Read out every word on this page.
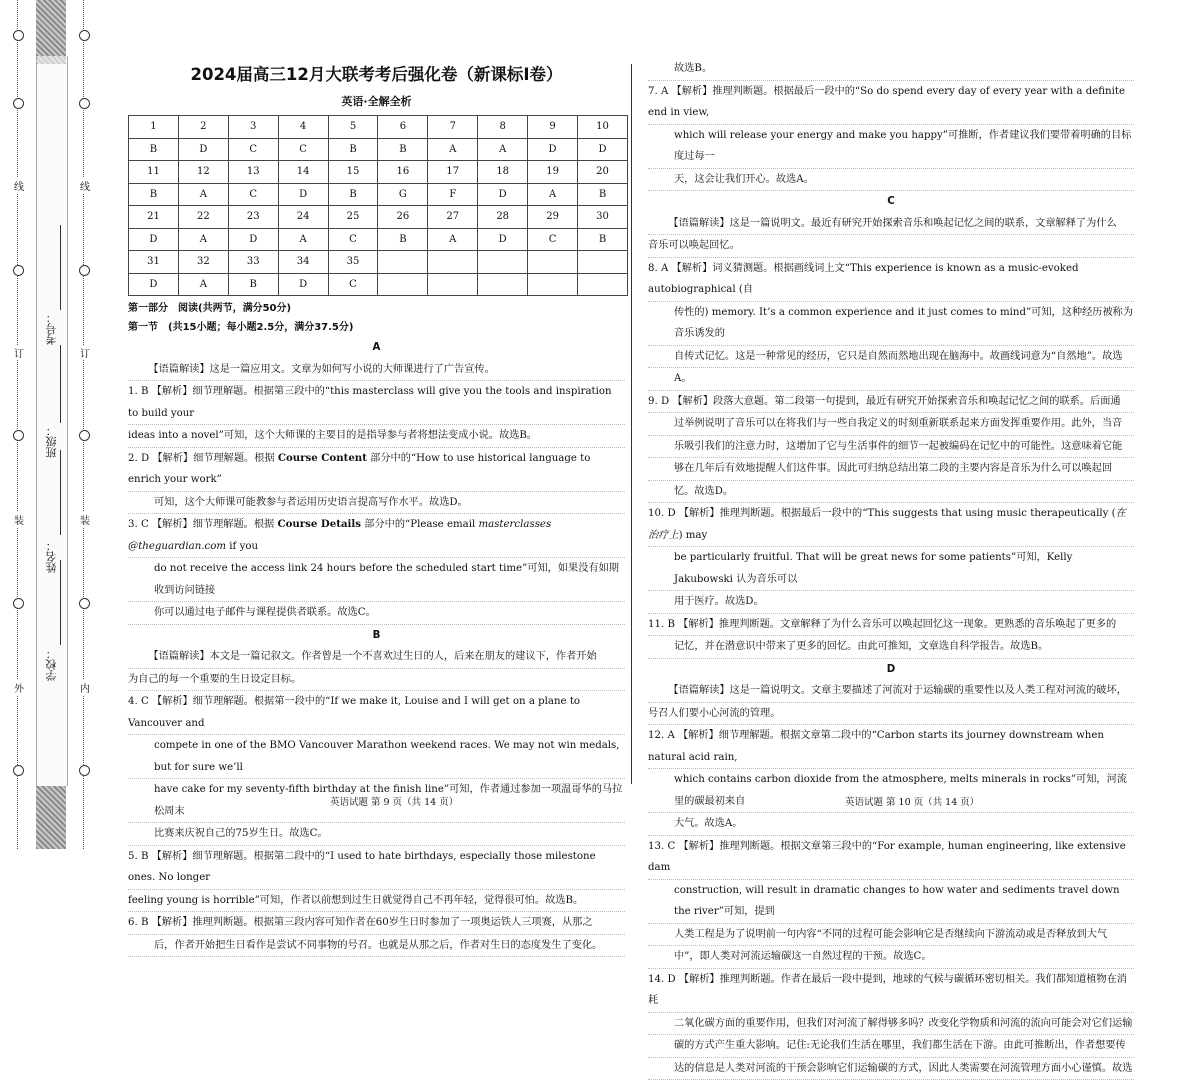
线
订
装
外
学校：
姓名：
班级：
考号：
线
订
装
内
2024届高三12月大联考考后强化卷（新课标I卷）
英语·全解全析
1	2	3	4	5	6	7	8	9	10
B	D	C	C	B	B	A	A	D	D
11	12	13	14	15	16	17	18	19	20
B	A	C	D	B	G	F	D	A	B
21	22	23	24	25	26	27	28	29	30
D	A	D	A	C	B	A	D	C	B
31	32	33	34	35					
D	A	B	D	C					

第一部分　阅读(共两节，满分50分)

第一节　(共15小题；每小题2.5分，满分37.5分)

A

【语篇解读】这是一篇应用文。文章为如何写小说的大师课进行了广告宣传。

1. B 【解析】细节理解题。根据第三段中的“this masterclass will give you the tools and inspiration to build your

ideas into a novel”可知，这个大师课的主要目的是指导参与者将想法变成小说。故选B。

2. D 【解析】细节理解题。根据 Course Content 部分中的“How to use historical language to enrich your work”

可知，这个大师课可能教参与者运用历史语言提高写作水平。故选D。

3. C 【解析】细节理解题。根据 Course Details 部分中的“Please email masterclasses @theguardian.com if you

do not receive the access link 24 hours before the scheduled start time”可知，如果没有如期收到访问链接

你可以通过电子邮件与课程提供者联系。故选C。

B

【语篇解读】本文是一篇记叙文。作者曾是一个不喜欢过生日的人，后来在朋友的建议下，作者开始

为自己的每一个重要的生日设定目标。

4. C 【解析】细节理解题。根据第一段中的“If we make it, Louise and I will get on a plane to Vancouver and

compete in one of the BMO Vancouver Marathon weekend races. We may not win medals, but for sure we’ll

have cake for my seventy-fifth birthday at the finish line”可知，作者通过参加一项温哥华的马拉松周末

比赛来庆祝自己的75岁生日。故选C。

5. B 【解析】细节理解题。根据第二段中的“I used to hate birthdays, especially those milestone ones. No longer

feeling young is horrible”可知，作者以前想到过生日就觉得自己不再年轻，觉得很可怕。故选B。

6. B 【解析】推理判断题。根据第三段内容可知作者在60岁生日时参加了一项奥运铁人三项赛，从那之

后，作者开始把生日看作是尝试不同事物的号召。也就是从那之后，作者对生日的态度发生了变化。

故选B。

7. A 【解析】推理判断题。根据最后一段中的“So do spend every day of every year with a definite end in view,

which will release your energy and make you happy”可推断，作者建议我们要带着明确的目标度过每一

天，这会让我们开心。故选A。

C

【语篇解读】这是一篇说明文。最近有研究开始探索音乐和唤起记忆之间的联系，文章解释了为什么

音乐可以唤起回忆。

8. A 【解析】词义猜测题。根据画线词上文“This experience is known as a music-evoked autobiographical (自

传性的) memory. It’s a common experience and it just comes to mind”可知，这种经历被称为音乐诱发的

自传式记忆。这是一种常见的经历，它只是自然而然地出现在脑海中。故画线词意为“自然地”。故选

A。

9. D 【解析】段落大意题。第二段第一句提到，最近有研究开始探索音乐和唤起记忆之间的联系。后面通

过举例说明了音乐可以在将我们与一些自我定义的时刻重新联系起来方面发挥重要作用。此外，当音

乐吸引我们的注意力时，这增加了它与生活事件的细节一起被编码在记忆中的可能性。这意味着它能

够在几年后有效地提醒人们这件事。因此可归纳总结出第二段的主要内容是音乐为什么可以唤起回

忆。故选D。

10. D 【解析】推理判断题。根据最后一段中的“This suggests that using music therapeutically (在治疗上) may

be particularly fruitful. That will be great news for some patients”可知，Kelly Jakubowski 认为音乐可以

用于医疗。故选D。

11. B 【解析】推理判断题。文章解释了为什么音乐可以唤起回忆这一现象。更熟悉的音乐唤起了更多的

记忆，并在潜意识中带来了更多的回忆。由此可推知，文章选自科学报告。故选B。

D

【语篇解读】这是一篇说明文。文章主要描述了河流对于运输碳的重要性以及人类工程对河流的破坏，

号召人们要小心河流的管理。

12. A 【解析】细节理解题。根据文章第二段中的“Carbon starts its journey downstream when natural acid rain,

which contains carbon dioxide from the atmosphere, melts minerals in rocks”可知，河流里的碳最初来自

大气。故选A。

13. C 【解析】推理判断题。根据文章第三段中的“For example, human engineering, like extensive dam

construction, will result in dramatic changes to how water and sediments travel down the river”可知，提到

人类工程是为了说明前一句内容“不同的过程可能会影响它是否继续向下游流动或是否释放到大气

中”，即人类对河流运输碳这一自然过程的干预。故选C。

14. D 【解析】推理判断题。作者在最后一段中提到，地球的气候与碳循环密切相关。我们都知道植物在消耗

二氧化碳方面的重要作用，但我们对河流了解得够多吗？改变化学物质和河流的流向可能会对它们运输

碳的方式产生重大影响。记住:无论我们生活在哪里，我们都生活在下游。由此可推断出，作者想要传

达的信息是人类对河流的干预会影响它们运输碳的方式，因此人类需要在河流管理方面小心谨慎。故选

英语试题 第 9 页（共 14 页）	英语试题 第 10 页（共 14 页）
